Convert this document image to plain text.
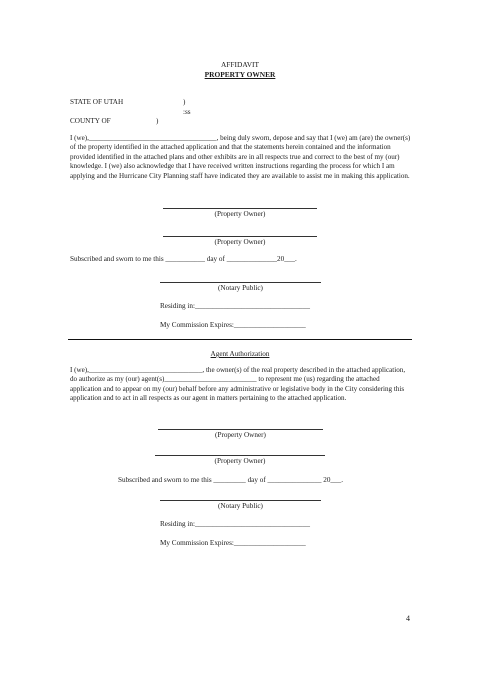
AFFIDAVIT
PROPERTY OWNER
STATE OF UTAH	)
:ss
COUNTY OF	)
I (we),____________________________________, being duly sworn, depose and say that I (we) am (are) the owner(s) of the property identified in the attached application and that the statements herein contained and the information provided identified in the attached plans and other exhibits are in all respects true and correct to the best of my (our) knowledge. I (we) also acknowledge that I have received written instructions regarding the process for which I am applying and the Hurricane City Planning staff have indicated they are available to assist me in making this application.
(Property Owner)
(Property Owner)
Subscribed and sworn to me this ___________ day of ______________20___.
(Notary Public)
Residing in:________________________________
My Commission Expires:____________________
Agent Authorization
I (we),________________________________, the owner(s) of the real property described in the attached application, do authorize as my (our) agent(s)__________________________ to represent me (us) regarding the attached application and to appear on my (our) behalf before any administrative or legislative body in the City considering this application and to act in all respects as our agent in matters pertaining to the attached application.
(Property Owner)
(Property Owner)
Subscribed and sworn to me this _________ day of _______________ 20___.
(Notary Public)
Residing in:________________________________
My Commission Expires:____________________
4
